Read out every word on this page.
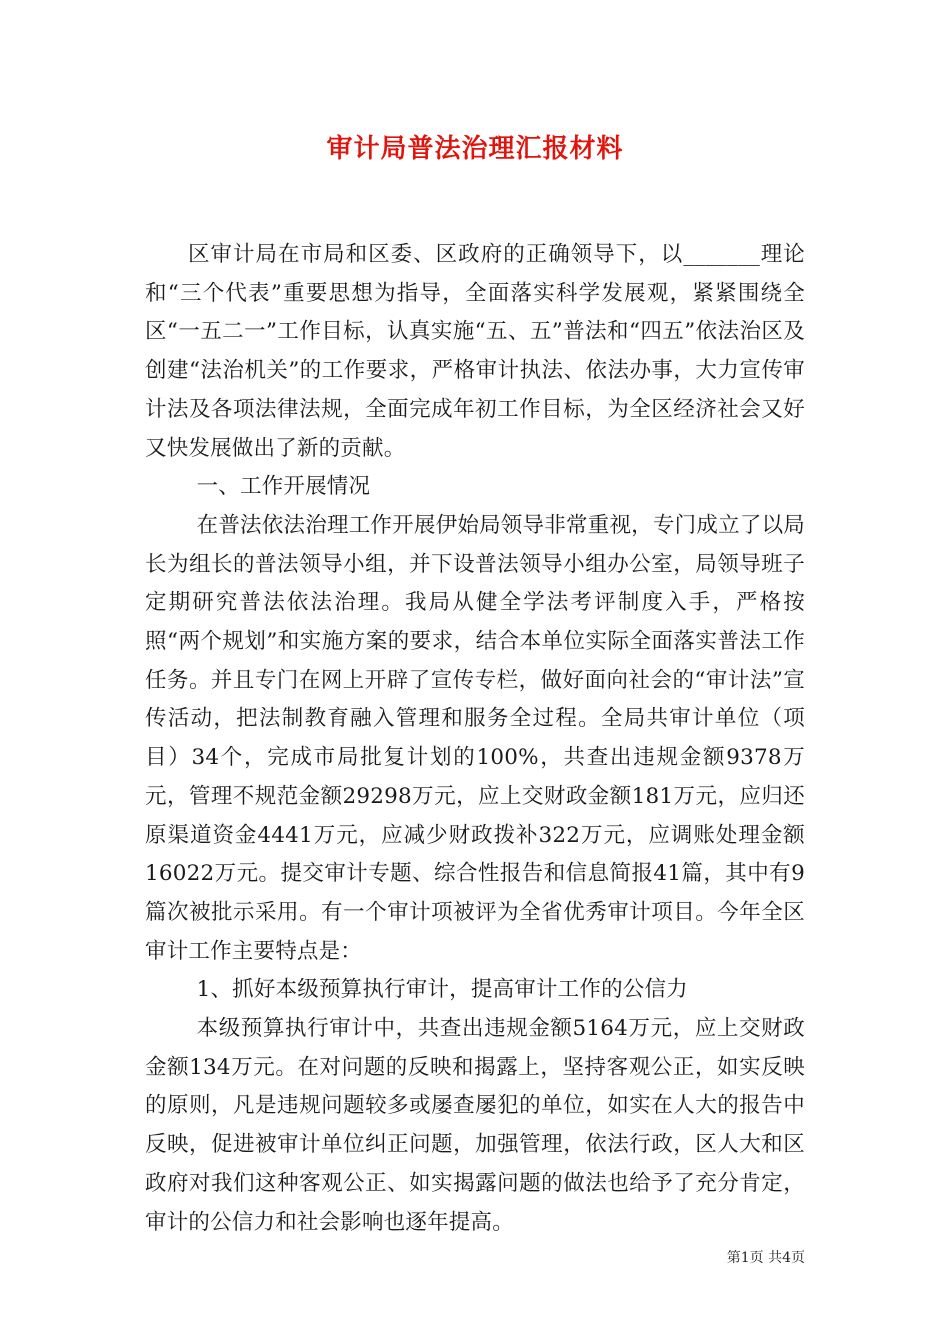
审计局普法治理汇报材料

区审计局在市局和区委、区政府的正确领导下，以_______理论和“三个代表”重要思想为指导，全面落实科学发展观，紧紧围绕全区“一五二一”工作目标，认真实施“五、五”普法和“四五”依法治区及创建“法治机关”的工作要求，严格审计执法、依法办事，大力宣传审计法及各项法律法规，全面完成年初工作目标，为全区经济社会又好又快发展做出了新的贡献。

一、工作开展情况

在普法依法治理工作开展伊始局领导非常重视，专门成立了以局长为组长的普法领导小组，并下设普法领导小组办公室，局领导班子定期研究普法依法治理。我局从健全学法考评制度入手，严格按照“两个规划”和实施方案的要求，结合本单位实际全面落实普法工作任务。并且专门在网上开辟了宣传专栏，做好面向社会的“审计法”宣传活动，把法制教育融入管理和服务全过程。全局共审计单位（项目）34个，完成市局批复计划的100%，共查出违规金额9378万元，管理不规范金额29298万元，应上交财政金额181万元，应归还原渠道资金4441万元，应减少财政拨补322万元，应调账处理金额16022万元。提交审计专题、综合性报告和信息简报41篇，其中有9篇次被批示采用。有一个审计项被评为全省优秀审计项目。今年全区审计工作主要特点是：

1、抓好本级预算执行审计，提高审计工作的公信力

本级预算执行审计中，共查出违规金额5164万元，应上交财政金额134万元。在对问题的反映和揭露上，坚持客观公正，如实反映的原则，凡是违规问题较多或屡查屡犯的单位，如实在人大的报告中反映，促进被审计单位纠正问题，加强管理，依法行政，区人大和区政府对我们这种客观公正、如实揭露问题的做法也给予了充分肯定，审计的公信力和社会影响也逐年提高。

第1页 共4页
